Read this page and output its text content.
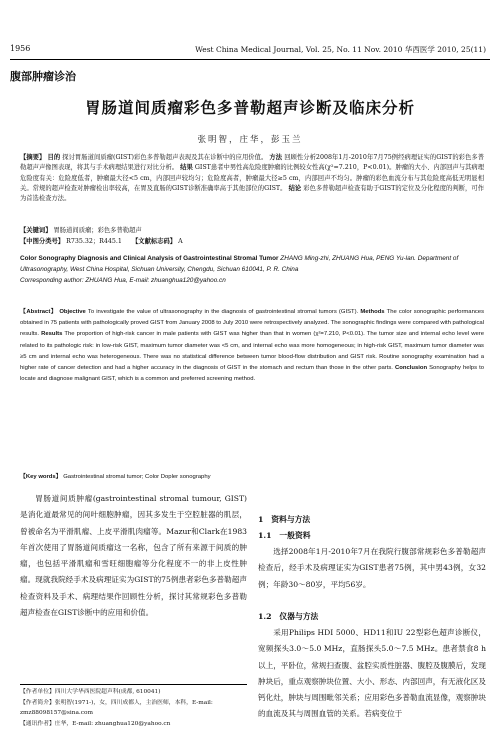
1956	West China Medical Journal, Vol. 25, No. 11 Nov. 2010 华西医学 2010, 25(11)
腹部肿瘤诊治
胃肠道间质瘤彩色多普勒超声诊断及临床分析
张明智，庄华，彭玉兰
【摘要】 目的 探讨胃肠道间质瘤(GIST)彩色多普勒超声表现及其在诊断中的应用价值。 方法 回顾性分析2008年1月-2010年7月75例经病理证实的GIST的彩色多普勒超声声像图表现，将其与手术病理结果进行对比分析。 结果 GIST患者中男性高危险度肿瘤的比例较女性高(χ²=7.210，P<0.01)。肿瘤的大小、内部回声与其病理危险度有关：危险度低者，肿瘤最大径<5 cm，内部回声较均匀；危险度高者，肿瘤最大径≥5 cm，内部回声不均匀。肿瘤的彩色血流分布与其危险度高低无明显相关。常规的超声检查对肿瘤检出率较高，在胃及直肠的GIST诊断准确率高于其他部位的GIST。 结论 彩色多普勒超声检查有助于GIST的定位及分化程度的判断，可作为首选检查方法。
【关键词】 胃肠道间质瘤；彩色多普勒超声
【中图分类号】 R735.32；R445.1 【文献标志码】 A
Color Sonography Diagnosis and Clinical Analysis of Gastrointestinal Stromal Tumor ZHANG Ming-zhi, ZHUANG Hua, PENG Yu-lan. Department of Ultrasonography, West China Hospital, Sichuan University, Chengdu, Sichuan 610041, P. R. China
Corresponding author: ZHUANG Hua, E-mail: zhuanghua120@yahoo.cn
【Abstract】 Objective To investigate the value of ultrasonography in the diagnosis of gastrointestinal stromal tumors (GIST). Methods The color sonographic performances obtained in 75 patients with pathologically proved GIST from January 2008 to July 2010 were retrospectively analyzed. The sonographic findings were compared with pathological results. Results The proportion of high-risk cancer in male patients with GIST was higher than that in women (χ²=7.210, P<0.01). The tumor size and internal echo level were related to its pathologic risk: in low-risk GIST, maximum tumor diameter was <5 cm, and internal echo was more homogeneous; in high-risk GIST, maximum tumor diameter was ≥5 cm and internal echo was heterogeneous. There was no statistical difference between tumor blood-flow distribution and GIST risk. Routine sonography examination had a higher rate of cancer detection and had a higher accuracy in the diagnosis of GIST in the stomach and rectum than those in the other parts. Conclusion Sonography helps to locate and diagnose malignant GIST, which is a common and preferred screening method.
【Key words】 Gastrointestinal stromal tumor; Color Dopler sonography
胃肠道间质肿瘤(gastrointestinal stromal tumour, GIST)是消化道最常见的间叶细胞肿瘤，因其多发生于空腔脏器的肌层，曾被命名为平滑肌瘤、上皮平滑肌肉瘤等。Mazur和Clark在1983年首次使用了胃肠道间质瘤这一名称，包含了所有来源于间质的肿瘤，也包括平滑肌瘤和雪旺细胞瘤等分化程度不一的非上皮性肿瘤。现就我院经手术及病理证实为GIST的75例患者彩色多普勒超声检查资料及手术、病理结果作回顾性分析，探讨其常规彩色多普勒超声检查在GIST诊断中的应用和价值。
【作者单位】四川大学华西医院超声科(成都, 610041)
【作者简介】张明智(1971-)，女，四川成都人，主治医师，本科，E-mail: zmz88098157@sina.com
【通讯作者】庄华，E-mail: zhuanghua120@yahoo.cn
1　资料与方法
1.1　一般资料
选择2008年1月-2010年7月在我院行腹部常规彩色多普勒超声检查后，经手术及病理证实为GIST患者75例，其中男43例，女32例；年龄30～80岁，平均56岁。
1.2　仪器与方法
采用Philips HDI 5000、HD11和IU 22型彩色超声诊断仪，宽频探头3.0～5.0 MHz，直肠探头5.0～7.5 MHz。患者禁食8 h以上，平卧位，常规扫查腹、盆腔实质性脏器、腹腔及腹膜后，发现肿块后，重点观察肿块位置、大小、形态、内部回声，有无液化区及钙化灶，肿块与周围毗邻关系；应用彩色多普勒血流显像，观察肿块的血流及其与周围血管的关系。若病变位于
